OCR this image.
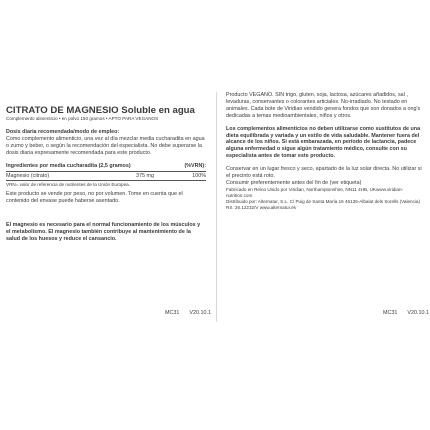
CITRATO DE MAGNESIO Soluble en agua
Complemento alimenticio • en polvo 150 gramos • APTO PARA VEGANOS

Dosis diaria recomendada/modo de empleo:

Como complemento alimenticio, una vez al día mezclar media cucharadita en agua o zumo y beber, o según la recomendación del especialista. No debe superarse la dosis diaria expresamente recomendada para este producto.

Ingredientes por media cucharadita (2,5 gramos)	(%VRN):
Magnesio (citrato)	375 mg	100%
VRN= valor de referencia de nutrientes de la Unión Europea.

Este producto se vende por peso, no por volumen. Tome en cuenta que el contenido del envase puede haberse asentado.

El magnesio es necesario para el normal funcionamiento de los músculos y el metabolismo. El magnesio también contribuye al mantenimiento de la salud de los huesos y reduce el cansancio.

Producto VEGANO. SIN trigo, gluten, soja, lactosa, azúcares añadidos, sal , levaduras, conservantes o colorantes articiales. No-irradiado. No testado en animales. Cada bote de Viridian vendido genera fondos que son donados a ong's dedicadas a temas medioambientales, niños y otros.

Los complementos alimenticios no deben utilizarse como sustitutos de una dieta equilibrada y variada y un estilo de vida saludable. Mantener fuera del alcance de los niños. Si está embarazada, en período de lactancia, padece alguna enfermedad o sigue algún tratamiento médico, consulte con su especialista antes de tomar este producto.

Conservar en un lugar fresco y seco, apartado de la luz solar directa. No utilizar si el precinto está roto.

Consumir preferentemente antes del fin de (ver etiqueta)

Fabricado en Reino Unido por Viridian, Northamptonshire, NN11 4HB, UKwww.viridian-nutrition.com

Distribuido por: Alternatur, S.L. C/ Puig de Santa María 16 46135-Albalat dels Sorells (Valencia) RS. 26.12232/V www.alternatur.es

MC31 V20.10.1	MC31 V20.10.1
